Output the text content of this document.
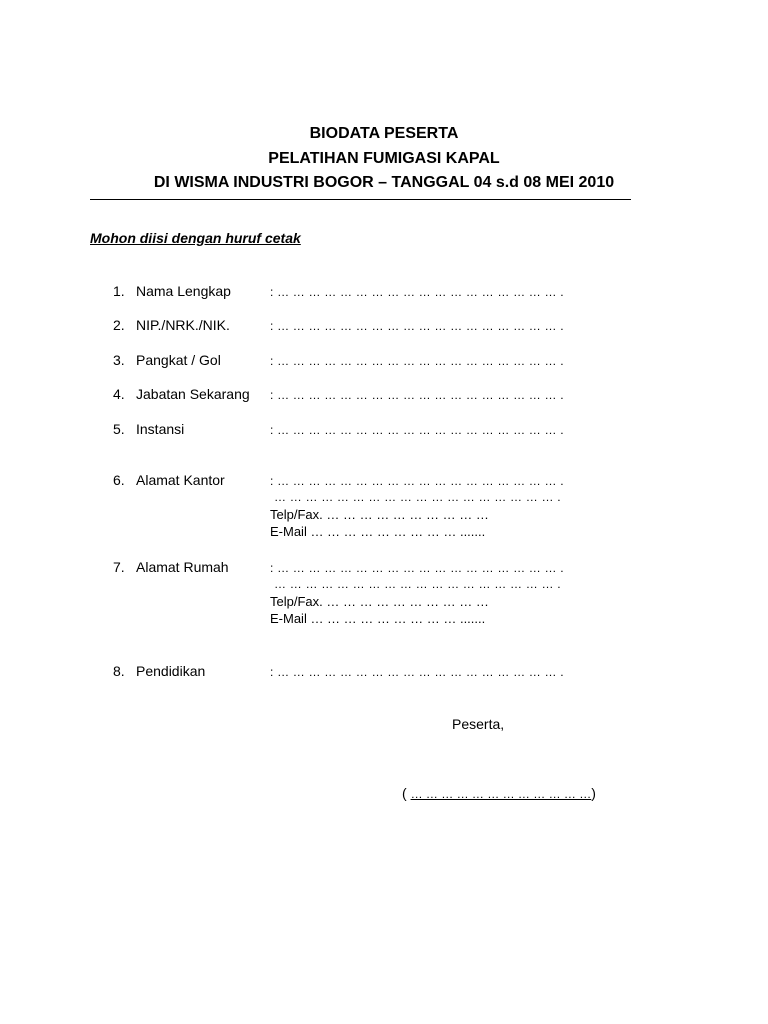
BIODATA PESERTA
PELATIHAN FUMIGASI KAPAL
DI WISMA INDUSTRI BOGOR – TANGGAL 04 s.d 08 MEI 2010
Mohon diisi dengan huruf cetak
1. Nama Lengkap	: … … … … … … … … … … … … … … … … … … .
2. NIP./NRK./NIK.	: … … … … … … … … … … … … … … … … … … .
3. Pangkat / Gol	: … … … … … … … … … … … … … … … … … … .
4. Jabatan Sekarang : … … … … … … … … … … … … … … … … … … .
5. Instansi	: … … … … … … … … … … … … … … … … … … .
6. Alamat Kantor	: … … … … … … … … … … … … … … … … … … .
… … … … … … … … … … … … … … … … … … .
Telp/Fax. … … … … … … … … … …
E-Mail … … … … … … … … … .......
7. Alamat Rumah	: … … … … … … … … … … … … … … … … … … .
… … … … … … … … … … … … … … … … … … .
Telp/Fax. … … … … … … … … … …
E-Mail … … … … … … … … … .......
8. Pendidikan	: … … … … … … … … … … … … … … … … … … .
Peserta,
( … … … … … … … … … … … …)
